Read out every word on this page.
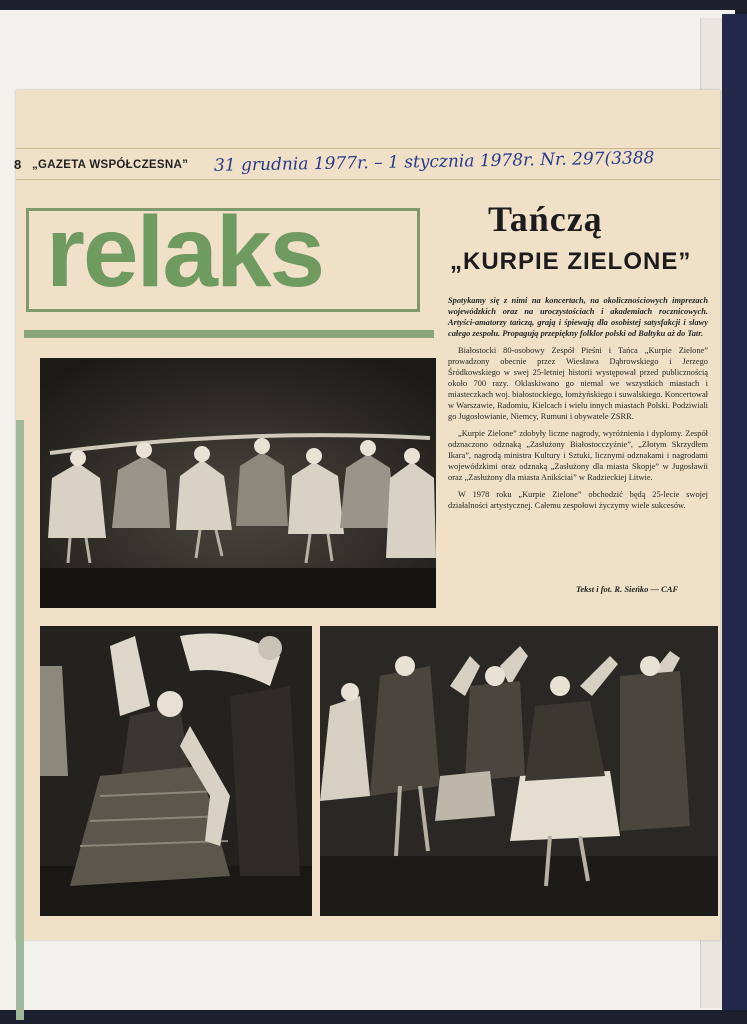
8 „GAZETA WSPÓŁCZESNA” 31 grudnia 1977r. – 1 stycznia 1978r. Nr. 297(3388
relaks	Tańczą
„KURPIE ZIELONE”

Spotykamy się z nimi na koncertach, na okolicznościowych imprezach wojewódzkich oraz na uroczystościach i akademiach rocznicowych. Artyści-amatorzy tańczą, grają i śpiewają dla osobistej satysfakcji i sławy całego zespołu. Propagują przepiękny folklor polski od Bałtyku aż do Tatr.

Białostocki 80-osobowy Zespół Pieśni i Tańca „Kurpie Zielone” prowadzony obecnie przez Wiesława Dąbrowskiego i Jerzego Śródkowskiego w swej 25-letniej historii występował przed publicznością około 700 razy. Oklaskiwano go niemal we wszystkich miastach i miasteczkach woj. białostockiego, łomżyńskiego i suwalskiego. Koncertował w Warszawie, Radomiu, Kielcach i wielu innych miastach Polski. Podziwiali go Jugosłowianie, Niemcy, Rumuni i obywatele ZSRR.

„Kurpie Zielone” zdobyły liczne nagrody, wyróżnienia i dyplomy. Zespół odznaczono odznaką „Zasłużony Białostocczyźnie”, „Złotym Skrzydłem Ikara”, nagrodą ministra Kultury i Sztuki, licznymi odznakami i nagrodami wojewódzkimi oraz odznaką „Zasłużony dla miasta Skopje” w Jugosławii oraz „Zasłużony dla miasta Anikściai” w Radzieckiej Litwie.

W 1978 roku „Kurpie Zielone” obchodzić będą 25-lecie swojej działalności artystycznej. Całemu zespołowi życzymy wiele sukcesów.

Tekst i fot. R. Sieńko — CAF
